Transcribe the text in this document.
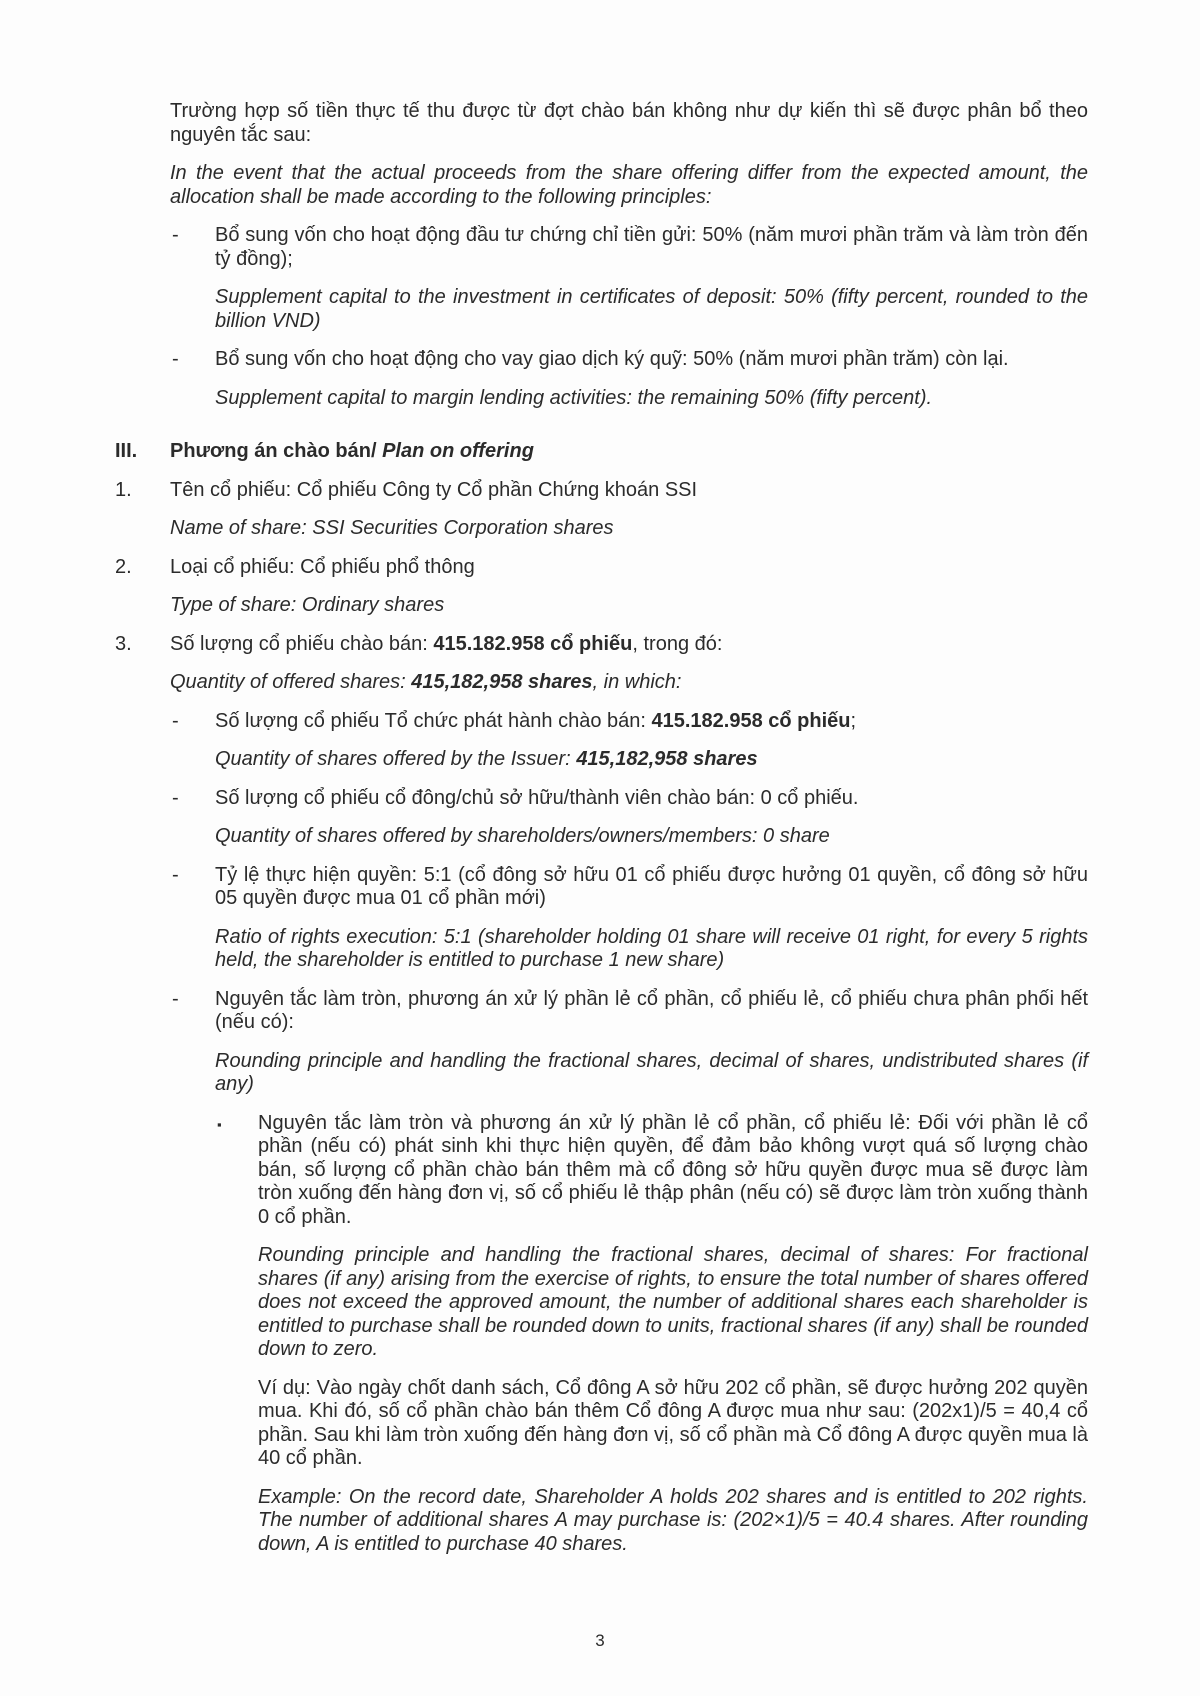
Trường hợp số tiền thực tế thu được từ đợt chào bán không như dự kiến thì sẽ được phân bổ theo nguyên tắc sau:

In the event that the actual proceeds from the share offering differ from the expected amount, the allocation shall be made according to the following principles:

- Bổ sung vốn cho hoạt động đầu tư chứng chỉ tiền gửi: 50% (năm mươi phần trăm và làm tròn đến tỷ đồng);

Supplement capital to the investment in certificates of deposit: 50% (fifty percent, rounded to the billion VND)

- Bổ sung vốn cho hoạt động cho vay giao dịch ký quỹ: 50% (năm mươi phần trăm) còn lại.

Supplement capital to margin lending activities: the remaining 50% (fifty percent).

III. Phương án chào bán/ Plan on offering
1. Tên cổ phiếu: Cổ phiếu Công ty Cổ phần Chứng khoán SSI

Name of share: SSI Securities Corporation shares

2. Loại cổ phiếu: Cổ phiếu phổ thông

Type of share: Ordinary shares

3. Số lượng cổ phiếu chào bán: 415.182.958 cổ phiếu, trong đó:

Quantity of offered shares: 415,182,958 shares, in which:

- Số lượng cổ phiếu Tổ chức phát hành chào bán: 415.182.958 cổ phiếu;

Quantity of shares offered by the Issuer: 415,182,958 shares

- Số lượng cổ phiếu cổ đông/chủ sở hữu/thành viên chào bán: 0 cổ phiếu.

Quantity of shares offered by shareholders/owners/members: 0 share

- Tỷ lệ thực hiện quyền: 5:1 (cổ đông sở hữu 01 cổ phiếu được hưởng 01 quyền, cổ đông sở hữu 05 quyền được mua 01 cổ phần mới)

Ratio of rights execution: 5:1 (shareholder holding 01 share will receive 01 right, for every 5 rights held, the shareholder is entitled to purchase 1 new share)

- Nguyên tắc làm tròn, phương án xử lý phần lẻ cổ phần, cổ phiếu lẻ, cổ phiếu chưa phân phối hết (nếu có):

Rounding principle and handling the fractional shares, decimal of shares, undistributed shares (if any)

▪ Nguyên tắc làm tròn và phương án xử lý phần lẻ cổ phần, cổ phiếu lẻ: Đối với phần lẻ cổ phần (nếu có) phát sinh khi thực hiện quyền, để đảm bảo không vượt quá số lượng chào bán, số lượng cổ phần chào bán thêm mà cổ đông sở hữu quyền được mua sẽ được làm tròn xuống đến hàng đơn vị, số cổ phiếu lẻ thập phân (nếu có) sẽ được làm tròn xuống thành 0 cổ phần.

Rounding principle and handling the fractional shares, decimal of shares: For fractional shares (if any) arising from the exercise of rights, to ensure the total number of shares offered does not exceed the approved amount, the number of additional shares each shareholder is entitled to purchase shall be rounded down to units, fractional shares (if any) shall be rounded down to zero.

Ví dụ: Vào ngày chốt danh sách, Cổ đông A sở hữu 202 cổ phần, sẽ được hưởng 202 quyền mua. Khi đó, số cổ phần chào bán thêm Cổ đông A được mua như sau: (202x1)/5 = 40,4 cổ phần. Sau khi làm tròn xuống đến hàng đơn vị, số cổ phần mà Cổ đông A được quyền mua là 40 cổ phần.

Example: On the record date, Shareholder A holds 202 shares and is entitled to 202 rights. The number of additional shares A may purchase is: (202×1)/5 = 40.4 shares. After rounding down, A is entitled to purchase 40 shares.

3
